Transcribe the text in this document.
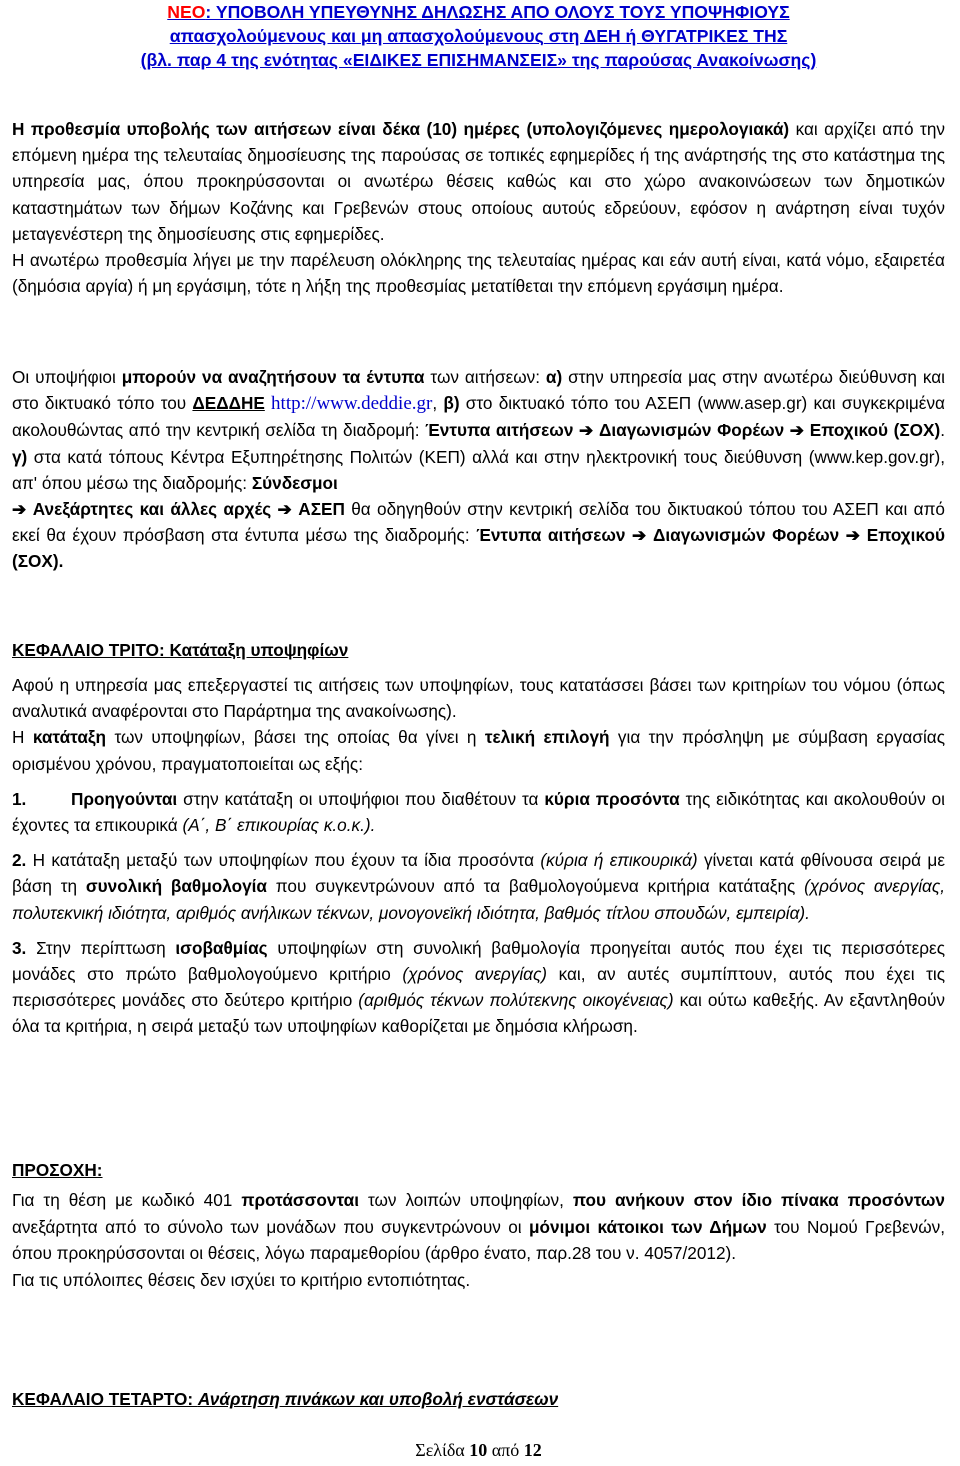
ΝΕΟ: ΥΠΟΒΟΛΗ ΥΠΕΥΘΥΝΗΣ ΔΗΛΩΣΗΣ ΑΠΟ ΟΛΟΥΣ ΤΟΥΣ ΥΠΟΨΗΦΙΟΥΣ
απασχολούμενους και μη απασχολούμενους στη ΔΕΗ ή ΘΥΓΑΤΡΙΚΕΣ ΤΗΣ
(βλ. παρ 4 της ενότητας «ΕΙΔΙΚΕΣ ΕΠΙΣΗΜΑΝΣΕΙΣ» της παρούσας Ανακοίνωσης)

Η προθεσμία υποβολής των αιτήσεων είναι δέκα (10) ημέρες (υπολογιζόμενες ημερολογιακά) και αρχίζει από την επόμενη ημέρα της τελευταίας δημοσίευσης της παρούσας σε τοπικές εφημερίδες ή της ανάρτησής της στο κατάστημα της υπηρεσία μας, όπου προκηρύσσονται οι ανωτέρω θέσεις καθώς και στο χώρο ανακοινώσεων των δημοτικών καταστημάτων των δήμων Κοζάνης και Γρεβενών στους οποίους αυτούς εδρεύουν, εφόσον η ανάρτηση είναι τυχόν μεταγενέστερη της δημοσίευσης στις εφημερίδες.

Η ανωτέρω προθεσμία λήγει με την παρέλευση ολόκληρης της τελευταίας ημέρας και εάν αυτή είναι, κατά νόμο, εξαιρετέα (δημόσια αργία) ή μη εργάσιμη, τότε η λήξη της προθεσμίας μετατίθεται την επόμενη εργάσιμη ημέρα.

Οι υποψήφιοι μπορούν να αναζητήσουν τα έντυπα των αιτήσεων: α) στην υπηρεσία μας στην ανωτέρω διεύθυνση και στο δικτυακό τόπο του ΔΕΔΔΗΕ http://www.deddie.gr, β) στο δικτυακό τόπο του ΑΣΕΠ (www.asep.gr) και συγκεκριμένα ακολουθώντας από την κεντρική σελίδα τη διαδρομή: Έντυπα αιτήσεων ➔ Διαγωνισμών Φορέων ➔ Εποχικού (ΣΟΧ). γ) στα κατά τόπους Κέντρα Εξυπηρέτησης Πολιτών (ΚΕΠ) αλλά και στην ηλεκτρονική τους διεύθυνση (www.kep.gov.gr), απ' όπου μέσω της διαδρομής: Σύνδεσμοι
➔ Ανεξάρτητες και άλλες αρχές ➔ ΑΣΕΠ θα οδηγηθούν στην κεντρική σελίδα του δικτυακού τόπου του ΑΣΕΠ και από εκεί θα έχουν πρόσβαση στα έντυπα μέσω της διαδρομής: Έντυπα αιτήσεων ➔ Διαγωνισμών Φορέων ➔ Εποχικού (ΣΟΧ).

ΚΕΦΑΛΑΙΟ ΤΡΙΤΟ: Κατάταξη υποψηφίων

Αφού η υπηρεσία μας επεξεργαστεί τις αιτήσεις των υποψηφίων, τους κατατάσσει βάσει των κριτηρίων του νόμου (όπως αναλυτικά αναφέρονται στο Παράρτημα της ανακοίνωσης).

Η κατάταξη των υποψηφίων, βάσει της οποίας θα γίνει η τελική επιλογή για την πρόσληψη με σύμβαση εργασίας ορισμένου χρόνου, πραγματοποιείται ως εξής:

1.	Προηγούνται στην κατάταξη οι υποψήφιοι που διαθέτουν τα κύρια προσόντα της ειδικότητας και ακολουθούν οι έχοντες τα επικουρικά (Α΄, Β΄ επικουρίας κ.ο.κ.).

2. Η κατάταξη μεταξύ των υποψηφίων που έχουν τα ίδια προσόντα (κύρια ή επικουρικά) γίνεται κατά φθίνουσα σειρά με βάση τη συνολική βαθμολογία που συγκεντρώνουν από τα βαθμολογούμενα κριτήρια κατάταξης (χρόνος ανεργίας, πολυτεκνική ιδιότητα, αριθμός ανήλικων τέκνων, μονογονεϊκή ιδιότητα, βαθμός τίτλου σπουδών, εμπειρία).

3. Στην περίπτωση ισοβαθμίας υποψηφίων στη συνολική βαθμολογία προηγείται αυτός που έχει τις περισσότερες μονάδες στο πρώτο βαθμολογούμενο κριτήριο (χρόνος ανεργίας) και, αν αυτές συμπίπτουν, αυτός που έχει τις περισσότερες μονάδες στο δεύτερο κριτήριο (αριθμός τέκνων πολύτεκνης οικογένειας) και ούτω καθεξής. Αν εξαντληθούν όλα τα κριτήρια, η σειρά μεταξύ των υποψηφίων καθορίζεται με δημόσια κλήρωση.

ΠΡΟΣΟΧΗ:

Για τη θέση με κωδικό 401 προτάσσονται των λοιπών υποψηφίων, που ανήκουν στον ίδιο πίνακα προσόντων ανεξάρτητα από το σύνολο των μονάδων που συγκεντρώνουν οι μόνιμοι κάτοικοι των Δήμων του Νομού Γρεβενών, όπου προκηρύσσονται οι θέσεις, λόγω παραμεθορίου (άρθρο ένατο, παρ.28 του ν. 4057/2012).

Για τις υπόλοιπες θέσεις δεν ισχύει το κριτήριο εντοπιότητας.

ΚΕΦΑΛΑΙΟ ΤΕΤΑΡΤΟ: Ανάρτηση πινάκων και υποβολή ενστάσεων
Σελίδα 10 από 12
